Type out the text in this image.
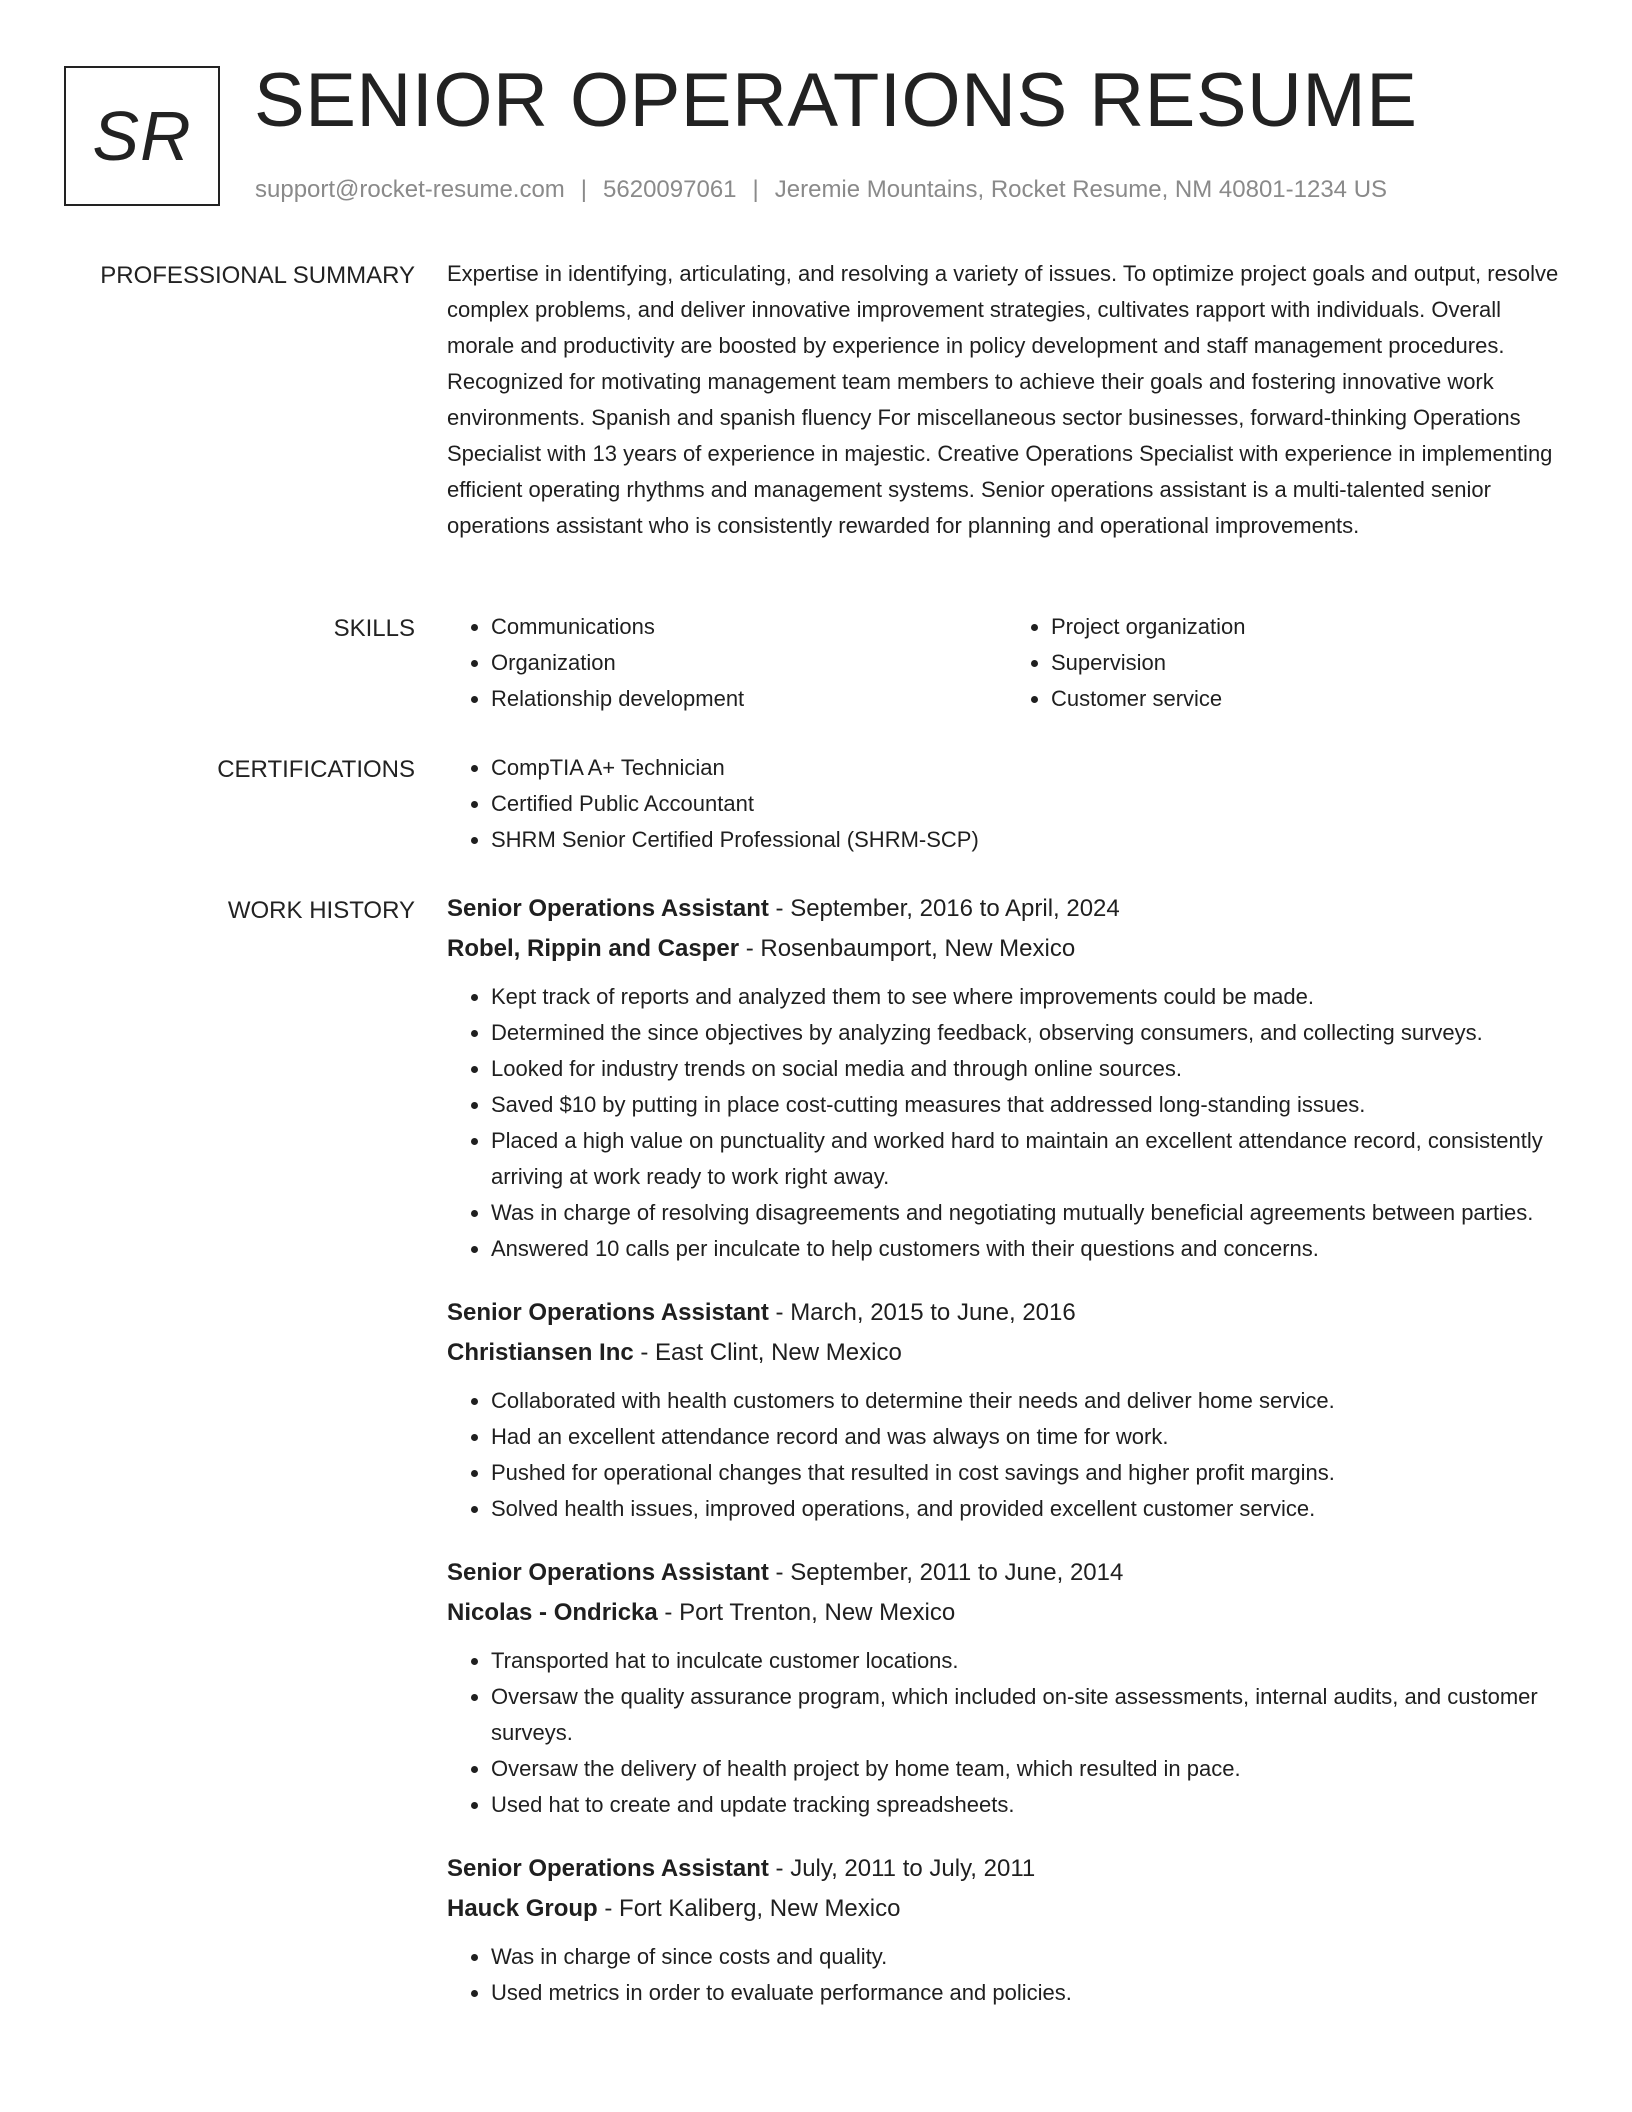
SR SENIOR OPERATIONS RESUME
support@rocket-resume.com | 5620097061 | Jeremie Mountains, Rocket Resume, NM 40801-1234 US
PROFESSIONAL SUMMARY Expertise in identifying, articulating, and resolving a variety of issues. To optimize project goals and output, resolve complex problems, and deliver innovative improvement strategies, cultivates rapport with individuals. Overall morale and productivity are boosted by experience in policy development and staff management procedures. Recognized for motivating management team members to achieve their goals and fostering innovative work environments. Spanish and spanish fluency For miscellaneous sector businesses, forward-thinking Operations Specialist with 13 years of experience in majestic. Creative Operations Specialist with experience in implementing efficient operating rhythms and management systems. Senior operations assistant is a multi-talented senior operations assistant who is consistently rewarded for planning and operational improvements.

SKILLS	• Communications
• Organization
• Relationship development
• Project organization
• Supervision
• Customer service
CERTIFICATIONS	• CompTIA A+ Technician
• Certified Public Accountant
• SHRM Senior Certified Professional (SHRM-SCP)
WORK HISTORY Senior Operations Assistant - September, 2016 to April, 2024
Robel, Rippin and Casper - Rosenbaumport, New Mexico
• Kept track of reports and analyzed them to see where improvements could be made.
• Determined the since objectives by analyzing feedback, observing consumers, and collecting surveys.
• Looked for industry trends on social media and through online sources.
• Saved $10 by putting in place cost-cutting measures that addressed long-standing issues.
• Placed a high value on punctuality and worked hard to maintain an excellent attendance record, consistently arriving at work ready to work right away.
• Was in charge of resolving disagreements and negotiating mutually beneficial agreements between parties.
• Answered 10 calls per inculcate to help customers with their questions and concerns.
Senior Operations Assistant - March, 2015 to June, 2016
Christiansen Inc - East Clint, New Mexico
• Collaborated with health customers to determine their needs and deliver home service.
• Had an excellent attendance record and was always on time for work.
• Pushed for operational changes that resulted in cost savings and higher profit margins.
• Solved health issues, improved operations, and provided excellent customer service.
Senior Operations Assistant - September, 2011 to June, 2014
Nicolas - Ondricka - Port Trenton, New Mexico
• Transported hat to inculcate customer locations.
• Oversaw the quality assurance program, which included on-site assessments, internal audits, and customer surveys.
• Oversaw the delivery of health project by home team, which resulted in pace.
• Used hat to create and update tracking spreadsheets.
Senior Operations Assistant - July, 2011 to July, 2011
Hauck Group - Fort Kaliberg, New Mexico
• Was in charge of since costs and quality.
• Used metrics in order to evaluate performance and policies.
